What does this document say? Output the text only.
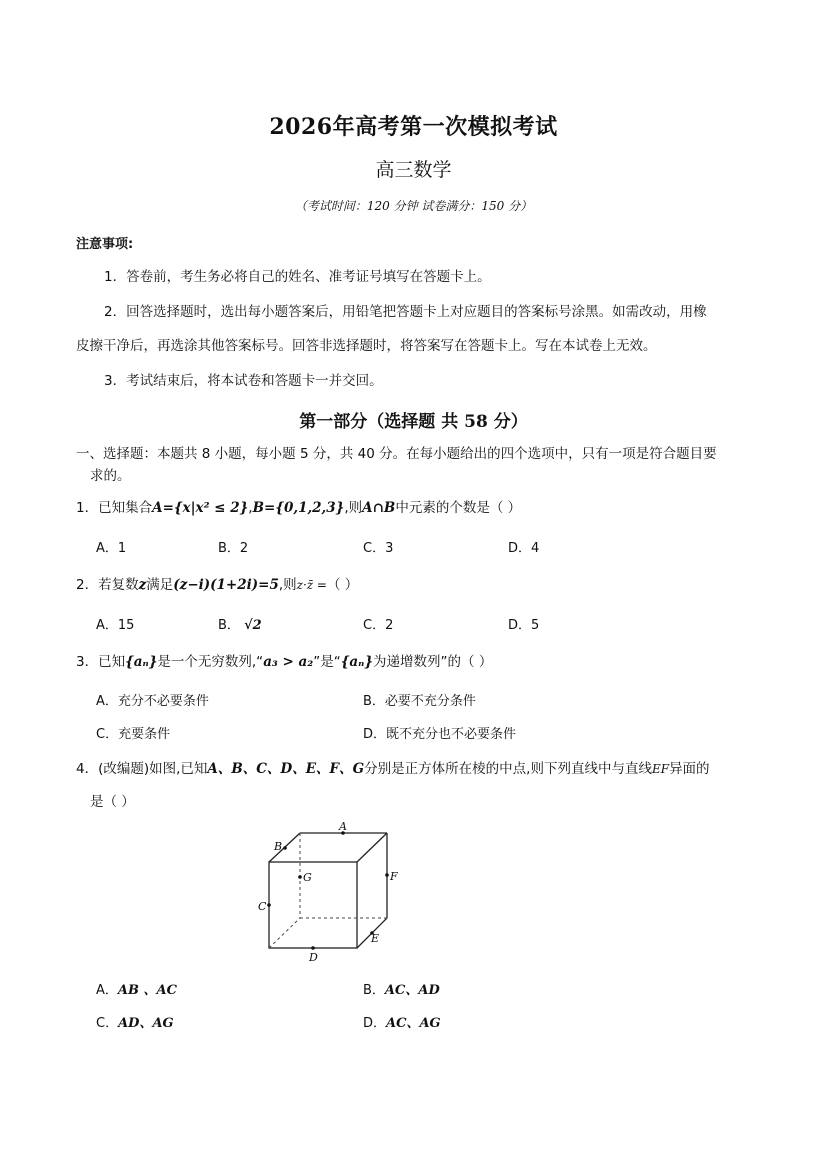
2026年高考第一次模拟考试
高三数学
（考试时间：120 分钟 试卷满分：150 分）
注意事项:
1．答卷前，考生务必将自己的姓名、准考证号填写在答题卡上。
2．回答选择题时，选出每小题答案后，用铅笔把答题卡上对应题目的答案标号涂黑。如需改动，用橡
皮擦干净后，再选涂其他答案标号。回答非选择题时，将答案写在答题卡上。写在本试卷上无效。
3．考试结束后，将本试卷和答题卡一并交回。
第一部分（选择题 共 58 分）
一、选择题：本题共 8 小题，每小题 5 分，共 40 分。在每小题给出的四个选项中，只有一项是符合题目要
求的。
1．已知集合A={x|x² ≤ 2},B={0,1,2,3},则A∩B中元素的个数是（ ）
A．1	B．2	C．3	D．4
2．若复数z满足(z−i)(1+2i)=5,则z·z̄ =（ ）
A．15	B． √2	C．2	D．5
3．已知{aₙ}是一个无穷数列,“a₃ > a₂”是“{aₙ}为递增数列”的（ ）
A．充分不必要条件	B．必要不充分条件
C．充要条件	D．既不充分也不必要条件
4．(改编题)如图,已知A、B、C、D、E、F、G分别是正方体所在棱的中点,则下列直线中与直线EF异面的
是（ ）
A
B
C
D
E
F
G
A．AB 、AC	B．AC、AD
C．AD、AG	D．AC、AG
